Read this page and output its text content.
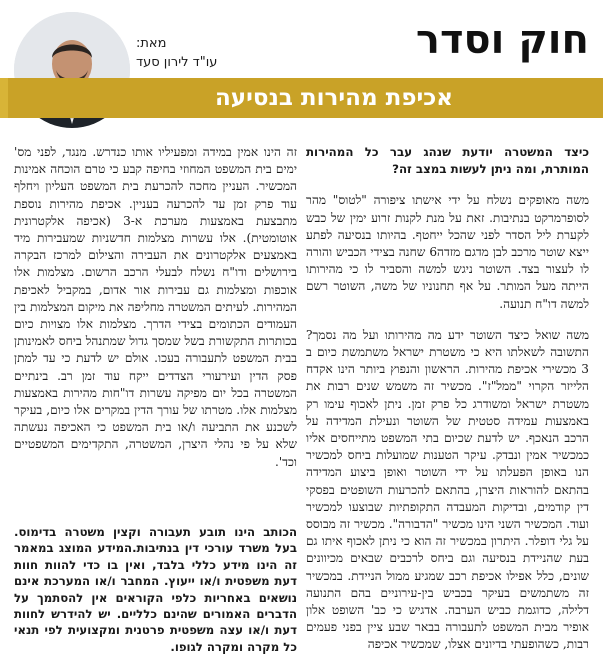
חוק וסדר
מאת:
עו"ד לירון סעד
אכיפת מהירות בנסיעה

כיצד המשטרה יודעת שנהג עבר כל המהירות המותרת, ומה ניתן לעשות במצב זה?

משה מאופקים נשלח על ידי אישתו ציפורה "לטוס" מהר לסופרמרקט בנתיבות. זאת על מנת לקנות זרוע ימין של כבש לקערת ליל הסדר לפני שהכל ייחטף. בהיותו בנסיעה לפתע ייצא שוטר מרכב לבן מדגם מזדה6 שחנה בצידי הכביש והורה לו לעצור בצד. השוטר ניגש למשה והסביר לו כי מהירותו הייתה מעל המותר. על אף תחנוניו של משה, השוטר רשם למשה דו"ח תנועה.

משה שואל כיצד השוטר ידע מה מהירותו ועל מה נסמך? התשובה לשאלתו היא כי משטרת ישראל משתמשת כיום ב 3 מכשירי אכיפת מהירות. הראשון והנפוץ ביותר הינו אקדח הלייזר הקרוי "ממל"ז". מכשיר זה משמש שנים רבות את משטרת ישראל ומשודרג כל פרק זמן. ניתן לאכוף עימו רק באמצעות עמידה סטטית של השוטר ונעילת המדידה על הרכב הנאכף. יש לדעת שכיום בתי המשפט מתייחסים אליו כמכשיר אמין ונבדק. עיקר הטענות שמועלות ביחס למכשיר הנו באופן הפעלתו על ידי השוטר ואופן ביצוע המדידה בהתאם להוראות היצרן, בהתאם להכרעות השופטים בפסקי דין קודמים, ובדיקות המעבדה התקופתיות שבוצעו למכשיר ועוד. המכשיר השני הינו מכשיר "הדבורה". מכשיר זה מבוסס על גלי דופלר. היתרון במכשיר זה הוא כי ניתן לאכוף איתו גם בעת שהניידת בנסיעה וגם ביחס לרכבים שבאים מכיוונים שונים, כלל אפילו אכיפת רכב שמגיע ממול הניידת. במכשיר זה משתמשים בעיקר בכביש בין-עירוניים בהם התנועה דלילה, כדוגמת כביש הערבה. אדגיש כי כב' השופט אלון אופיר מבית המשפט לתעבורה בבאר שבע ציין בפני פעמים רבות, כשהופעתי בדיונים אצלו, שמכשיר אכיפה

זה הינו אמין במידה ומפעיליו אותו כנדרש. מנגד, לפני מס' ימים בית המשפט המחוזי בחיפה קבע כי טרם הוכחה אמינות המכשיר. העניין מחכה להכרעת בית המשפט העליון ויחלף עוד פרק זמן עד להכרעה בעניין. אכיפת מהירות נוספת מתבצעת באמצעות מערכת א-3 (אכיפה אלקטרונית אוטומטית). אלו עשרות מצלמות חדשניות שמעבירות מיד באמצעים אלקטרונים את העבירה והצילום למרכז הבקרה בירושלים ודו"ח נשלח לבעלי הרכב הרשום. מצלמות אלו אוכפות ומצלמות גם עבירות אור אדום, במקביל לאכיפת המהירות. לעיתים המשטרה מחליפה את מיקום המצלמות בין העמודים הכתומים בצידי הדרך. מצלמות אלו מצויות כיום בכותרות התקשורת בשל שמסך גדול שמתנהל ביחס לאמינותן בבית המשפט לתעבורה בעכו. אולם יש לדעת כי עד למתן פסק הדין ועירעורי הצדדים ייקח עוד זמן רב. בינתיים המשטרה בכל יום מפיקה עשרות דו"חות מהירות באמצעות מצלמות אלו. מטרתו של עורך הדין במקרים אלו כיום, בעיקר לשכנע את התביעה ו/או בית המשפט כי האכיפה נעשתה שלא על פי נהלי היצרן, המשטרה, התקדימים המשפטיים וכד'.

הכותב הינו תובע תעבורה וקצין משטרה בדימוס. בעל משרד עורכי דין בנתיבות.המידע המוצג במאמר זה הינו מידע כללי בלבד, ואין בו כדי להוות חוות דעת משפטית ו/או ייעוץ. המחבר ו/או המערכת אינם נושאים באחריות כלפי הקוראים אין להסתמך על הדברים האמורים שהינם כלליים. יש להידרש לחוות דעת ו/או עצה משפטית פרטנית ומקצועית לפי תנאי כל מקרה ומקרה לגופו.
